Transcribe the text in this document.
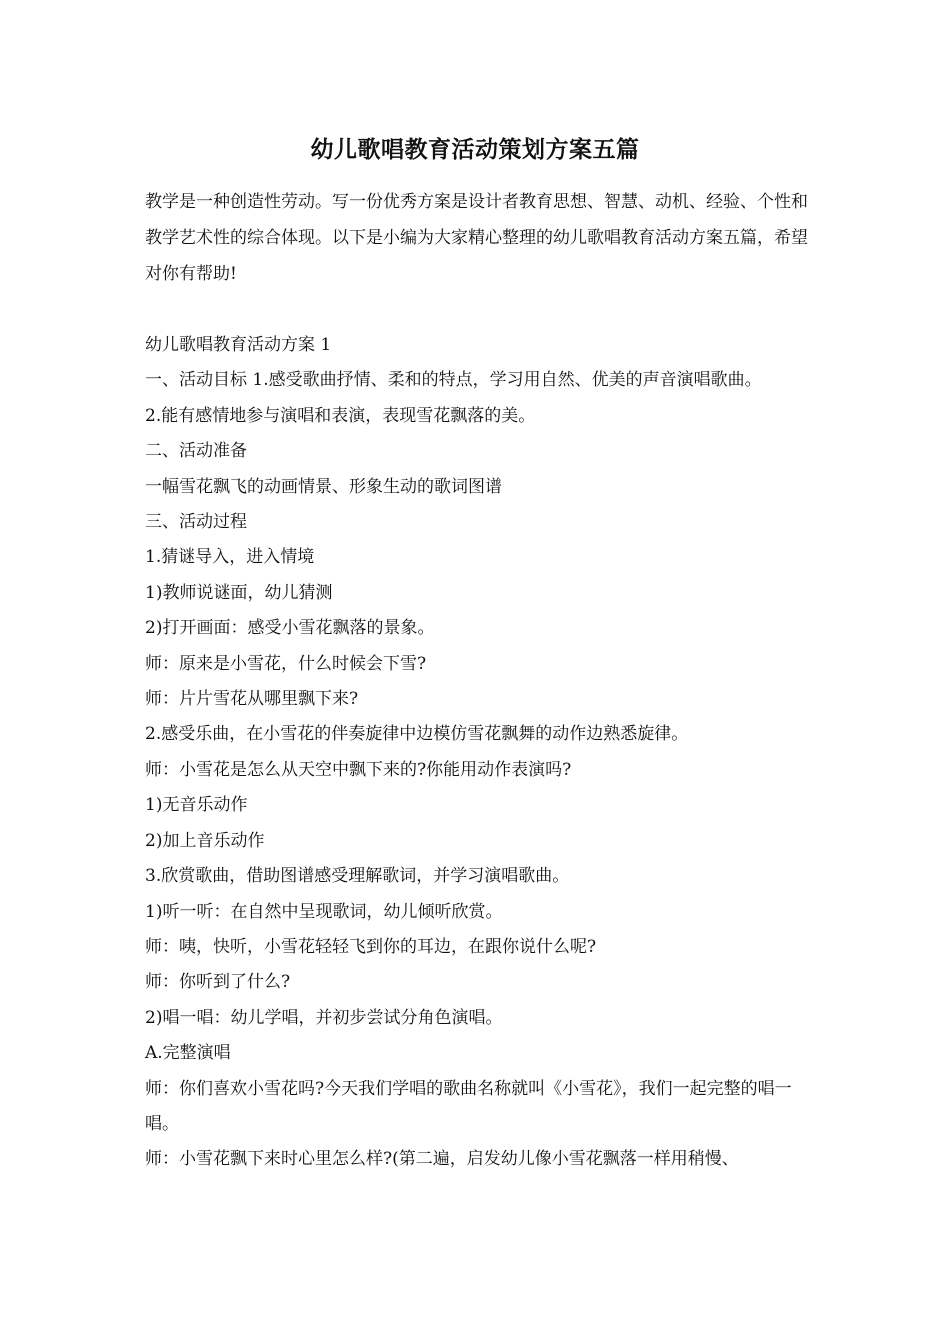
幼儿歌唱教育活动策划方案五篇

教学是一种创造性劳动。写一份优秀方案是设计者教育思想、智慧、动机、经验、个性和教学艺术性的综合体现。以下是小编为大家精心整理的幼儿歌唱教育活动方案五篇，希望对你有帮助!

幼儿歌唱教育活动方案 1

一、活动目标 1.感受歌曲抒情、柔和的特点，学习用自然、优美的声音演唱歌曲。

2.能有感情地参与演唱和表演，表现雪花飘落的美。

二、活动准备

一幅雪花飘飞的动画情景、形象生动的歌词图谱

三、活动过程

1.猜谜导入，进入情境

1)教师说谜面，幼儿猜测

2)打开画面：感受小雪花飘落的景象。

师：原来是小雪花，什么时候会下雪?

师：片片雪花从哪里飘下来?

2.感受乐曲，在小雪花的伴奏旋律中边模仿雪花飘舞的动作边熟悉旋律。

师：小雪花是怎么从天空中飘下来的?你能用动作表演吗?

1)无音乐动作

2)加上音乐动作

3.欣赏歌曲，借助图谱感受理解歌词，并学习演唱歌曲。

1)听一听：在自然中呈现歌词，幼儿倾听欣赏。

师：咦，快听，小雪花轻轻飞到你的耳边，在跟你说什么呢?

师：你听到了什么?

2)唱一唱：幼儿学唱，并初步尝试分角色演唱。

A.完整演唱

师：你们喜欢小雪花吗?今天我们学唱的歌曲名称就叫《小雪花》，我们一起完整的唱一唱。

师：小雪花飘下来时心里怎么样?(第二遍，启发幼儿像小雪花飘落一样用稍慢、
